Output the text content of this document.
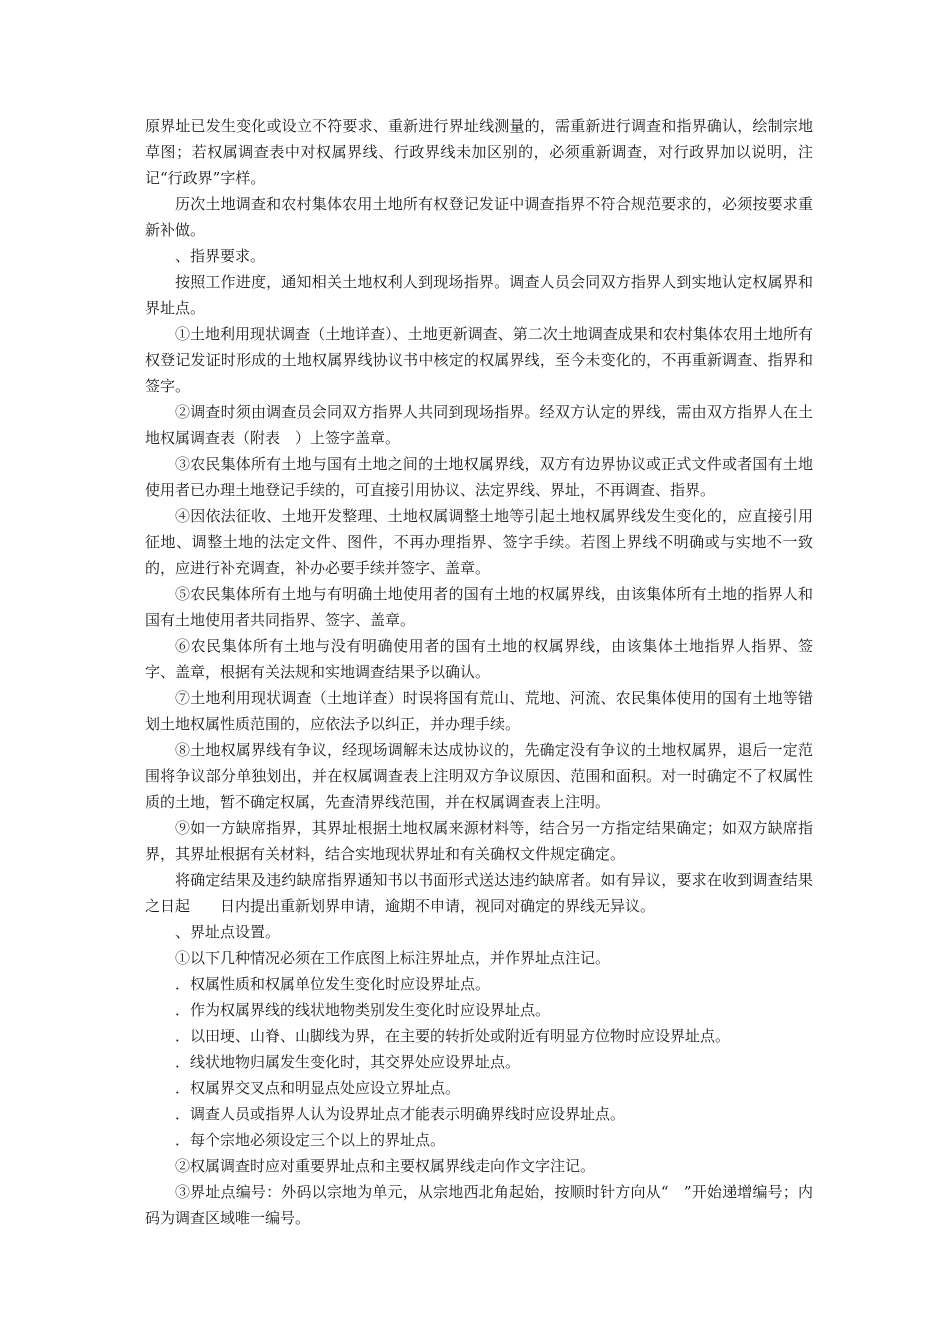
原界址已发生变化或设立不符要求、重新进行界址线测量的，需重新进行调查和指界确认，绘制宗地草图；若权属调查表中对权属界线、行政界线未加区别的，必须重新调查，对行政界加以说明，注记“行政界”字样。

历次土地调查和农村集体农用土地所有权登记发证中调查指界不符合规范要求的，必须按要求重新补做。

、指界要求。

按照工作进度，通知相关土地权利人到现场指界。调查人员会同双方指界人到实地认定权属界和界址点。

①土地利用现状调查（土地详查）、土地更新调查、第二次土地调查成果和农村集体农用土地所有权登记发证时形成的土地权属界线协议书中核定的权属界线，至今未变化的，不再重新调查、指界和签字。

②调查时须由调查员会同双方指界人共同到现场指界。经双方认定的界线，需由双方指界人在土地权属调查表（附表　）上签字盖章。

③农民集体所有土地与国有土地之间的土地权属界线，双方有边界协议或正式文件或者国有土地使用者已办理土地登记手续的，可直接引用协议、法定界线、界址，不再调查、指界。

④因依法征收、土地开发整理、土地权属调整土地等引起土地权属界线发生变化的，应直接引用征地、调整土地的法定文件、图件，不再办理指界、签字手续。若图上界线不明确或与实地不一致的，应进行补充调查，补办必要手续并签字、盖章。

⑤农民集体所有土地与有明确土地使用者的国有土地的权属界线，由该集体所有土地的指界人和国有土地使用者共同指界、签字、盖章。

⑥农民集体所有土地与没有明确使用者的国有土地的权属界线，由该集体土地指界人指界、签字、盖章，根据有关法规和实地调查结果予以确认。

⑦土地利用现状调查（土地详查）时误将国有荒山、荒地、河流、农民集体使用的国有土地等错划土地权属性质范围的，应依法予以纠正，并办理手续。

⑧土地权属界线有争议，经现场调解未达成协议的，先确定没有争议的土地权属界，退后一定范围将争议部分单独划出，并在权属调查表上注明双方争议原因、范围和面积。对一时确定不了权属性质的土地，暂不确定权属，先查清界线范围，并在权属调查表上注明。

⑨如一方缺席指界，其界址根据土地权属来源材料等，结合另一方指定结果确定；如双方缺席指界，其界址根据有关材料，结合实地现状界址和有关确权文件规定确定。

将确定结果及违约缺席指界通知书以书面形式送达违约缺席者。如有异议，要求在收到调查结果之日起　　日内提出重新划界申请，逾期不申请，视同对确定的界线无异议。

、界址点设置。

①以下几种情况必须在工作底图上标注界址点，并作界址点注记。

．权属性质和权属单位发生变化时应设界址点。

．作为权属界线的线状地物类别发生变化时应设界址点。

．以田埂、山脊、山脚线为界，在主要的转折处或附近有明显方位物时应设界址点。

．线状地物归属发生变化时，其交界处应设界址点。

．权属界交叉点和明显点处应设立界址点。

．调查人员或指界人认为设界址点才能表示明确界线时应设界址点。

．每个宗地必须设定三个以上的界址点。

②权属调查时应对重要界址点和主要权属界线走向作文字注记。

③界址点编号：外码以宗地为单元，从宗地西北角起始，按顺时针方向从“　”开始递增编号；内码为调查区域唯一编号。
